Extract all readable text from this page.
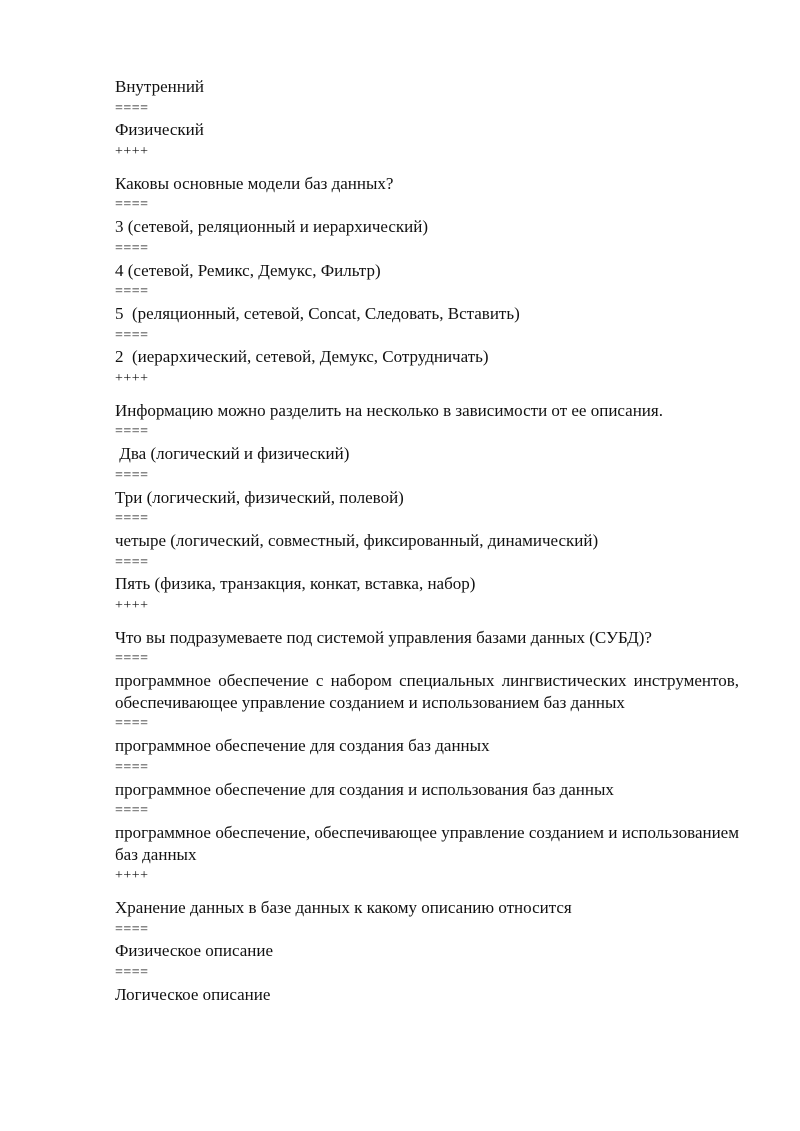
Внутренний
====
Физический
++++
Каковы основные модели баз данных?
====
3 (сетевой, реляционный и иерархический)
====
4 (сетевой, Ремикс, Демукс, Фильтр)
====
5  (реляционный, сетевой, Concat, Следовать, Вставить)
====
2  (иерархический, сетевой, Демукс, Сотрудничать)
++++
Информацию можно разделить на несколько в зависимости от ее описания.
====
Два (логический и физический)
====
Три (логический, физический, полевой)
====
четыре (логический, совместный, фиксированный, динамический)
====
Пять (физика, транзакция, конкат, вставка, набор)
++++
Что вы подразумеваете под системой управления базами данных (СУБД)?
====
программное обеспечение с набором специальных лингвистических инструментов, обеспечивающее управление созданием и использованием баз данных
====
программное обеспечение для создания баз данных
====
программное обеспечение для создания и использования баз данных
====
программное обеспечение, обеспечивающее управление созданием и использованием баз данных
++++
Хранение данных в базе данных к какому описанию относится
====
Физическое описание
====
Логическое описание
